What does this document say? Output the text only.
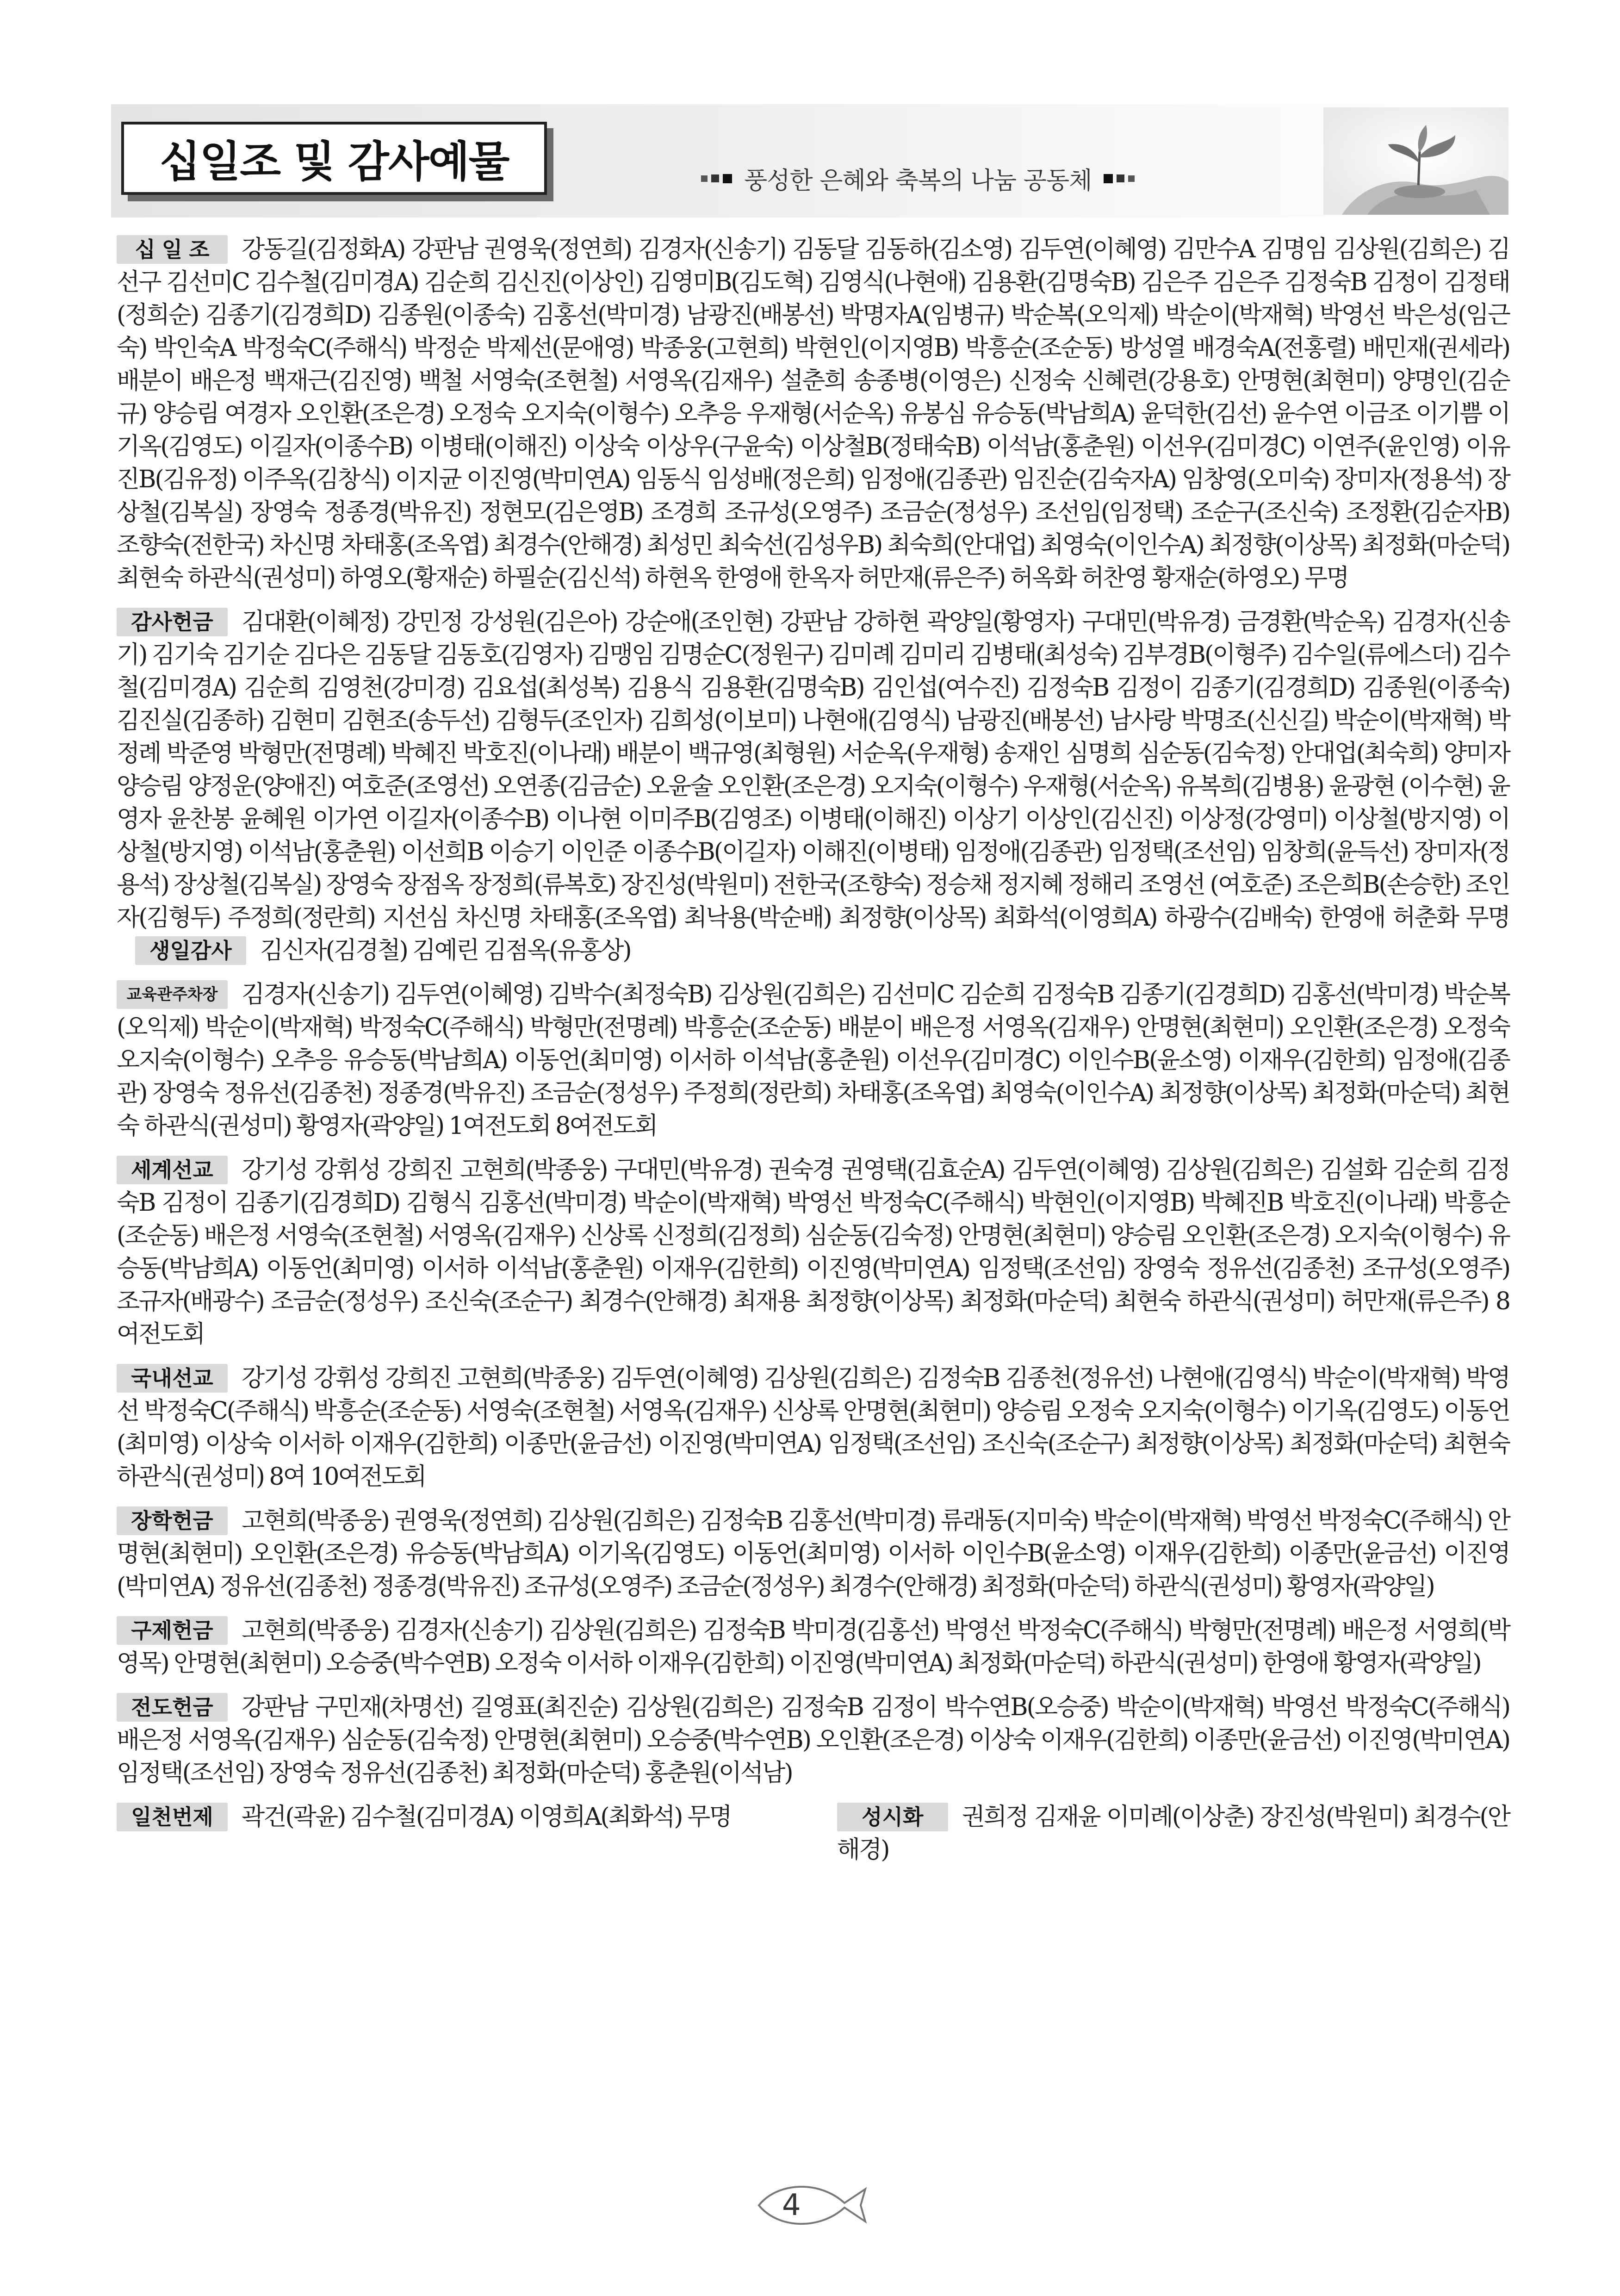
십일조 및 감사예물	풍성한 은혜와 축복의 나눔 공동체

십 일 조 강동길(김정화A) 강판남 권영욱(정연희) 김경자(신송기) 김동달 김동하(김소영) 김두연(이혜영) 김만수A 김명임 김상원(김희은) 김선구 김선미C 김수철(김미경A) 김순희 김신진(이상인) 김영미B(김도혁) 김영식(나현애) 김용환(김명숙B) 김은주 김은주 김정숙B 김정이 김정태(정희순) 김종기(김경희D) 김종원(이종숙) 김홍선(박미경) 남광진(배봉선) 박명자A(임병규) 박순복(오익제) 박순이(박재혁) 박영선 박은성(임근숙) 박인숙A 박정숙C(주해식) 박정순 박제선(문애영) 박종웅(고현희) 박현인(이지영B) 박흥순(조순동) 방성열 배경숙A(전홍렬) 배민재(권세라) 배분이 배은정 백재근(김진영) 백철 서영숙(조현철) 서영옥(김재우) 설춘희 송종병(이영은) 신정숙 신혜련(강용호) 안명현(최현미) 양명인(김순규) 양승림 여경자 오인환(조은경) 오정숙 오지숙(이형수) 오추응 우재형(서순옥) 유봉심 유승동(박남희A) 윤덕한(김선) 윤수연 이금조 이기쁨 이기옥(김영도) 이길자(이종수B) 이병태(이해진) 이상숙 이상우(구윤숙) 이상철B(정태숙B) 이석남(홍춘원) 이선우(김미경C) 이연주(윤인영) 이유진B(김유정) 이주옥(김창식) 이지균 이진영(박미연A) 임동식 임성배(정은희) 임정애(김종관) 임진순(김숙자A) 임창영(오미숙) 장미자(정용석) 장상철(김복실) 장영숙 정종경(박유진) 정현모(김은영B) 조경희 조규성(오영주) 조금순(정성우) 조선임(임정택) 조순구(조신숙) 조정환(김순자B) 조향숙(전한국) 차신명 차태홍(조옥엽) 최경수(안해경) 최성민 최숙선(김성우B) 최숙희(안대업) 최영숙(이인수A) 최정향(이상목) 최정화(마순덕) 최현숙 하관식(권성미) 하영오(황재순) 하필순(김신석) 하현옥 한영애 한옥자 허만재(류은주) 허옥화 허찬영 황재순(하영오) 무명

감사헌금 김대환(이혜정) 강민정 강성원(김은아) 강순애(조인현) 강판남 강하현 곽양일(황영자) 구대민(박유경) 금경환(박순옥) 김경자(신송기) 김기숙 김기순 김다은 김동달 김동호(김영자) 김맹임 김명순C(정원구) 김미례 김미리 김병태(최성숙) 김부경B(이형주) 김수일(류에스더) 김수철(김미경A) 김순희 김영천(강미경) 김요섭(최성복) 김용식 김용환(김명숙B) 김인섭(여수진) 김정숙B 김정이 김종기(김경희D) 김종원(이종숙) 김진실(김종하) 김현미 김현조(송두선) 김형두(조인자) 김희성(이보미) 나현애(김영식) 남광진(배봉선) 남사랑 박명조(신신길) 박순이(박재혁) 박정례 박준영 박형만(전명례) 박혜진 박호진(이나래) 배분이 백규영(최형원) 서순옥(우재형) 송재인 심명희 심순동(김숙정) 안대업(최숙희) 양미자 양승림 양정운(양애진) 여호준(조영선) 오연종(김금순) 오윤술 오인환(조은경) 오지숙(이형수) 우재형(서순옥) 유복희(김병용) 윤광현 (이수현) 윤영자 윤찬봉 윤혜원 이가연 이길자(이종수B) 이나현 이미주B(김영조) 이병태(이해진) 이상기 이상인(김신진) 이상정(강영미) 이상철(방지영) 이상철(방지영) 이석남(홍춘원) 이선희B 이승기 이인준 이종수B(이길자) 이해진(이병태) 임정애(김종관) 임정택(조선임) 임창희(윤득선) 장미자(정용석) 장상철(김복실) 장영숙 장점옥 장정희(류복호) 장진성(박원미) 전한국(조향숙) 정승채 정지혜 정해리 조영선 (여호준) 조은희B(손승한) 조인자(김형두) 주정희(정란희) 지선심 차신명 차태홍(조옥엽) 최낙용(박순배) 최정향(이상목) 최화석(이영희A) 하광수(김배숙) 한영애 허춘화 무명생일감사 김신자(김경철) 김예린 김점옥(유홍상)

교육관주차장 김경자(신송기) 김두연(이혜영) 김박수(최정숙B) 김상원(김희은) 김선미C 김순희 김정숙B 김종기(김경희D) 김홍선(박미경) 박순복(오익제) 박순이(박재혁) 박정숙C(주해식) 박형만(전명례) 박흥순(조순동) 배분이 배은정 서영옥(김재우) 안명현(최현미) 오인환(조은경) 오정숙 오지숙(이형수) 오추응 유승동(박남희A) 이동언(최미영) 이서하 이석남(홍춘원) 이선우(김미경C) 이인수B(윤소영) 이재우(김한희) 임정애(김종관) 장영숙 정유선(김종천) 정종경(박유진) 조금순(정성우) 주정희(정란희) 차태홍(조옥엽) 최영숙(이인수A) 최정향(이상목) 최정화(마순덕) 최현숙 하관식(권성미) 황영자(곽양일) 1여전도회 8여전도회

세계선교 강기성 강휘성 강희진 고현희(박종웅) 구대민(박유경) 권숙경 권영택(김효순A) 김두연(이혜영) 김상원(김희은) 김설화 김순희 김정숙B 김정이 김종기(김경희D) 김형식 김홍선(박미경) 박순이(박재혁) 박영선 박정숙C(주해식) 박현인(이지영B) 박혜진B 박호진(이나래) 박흥순(조순동) 배은정 서영숙(조현철) 서영옥(김재우) 신상록 신정희(김정희) 심순동(김숙정) 안명현(최현미) 양승림 오인환(조은경) 오지숙(이형수) 유승동(박남희A) 이동언(최미영) 이서하 이석남(홍춘원) 이재우(김한희) 이진영(박미연A) 임정택(조선임) 장영숙 정유선(김종천) 조규성(오영주) 조규자(배광수) 조금순(정성우) 조신숙(조순구) 최경수(안해경) 최재용 최정향(이상목) 최정화(마순덕) 최현숙 하관식(권성미) 허만재(류은주) 8여전도회

국내선교 강기성 강휘성 강희진 고현희(박종웅) 김두연(이혜영) 김상원(김희은) 김정숙B 김종천(정유선) 나현애(김영식) 박순이(박재혁) 박영선 박정숙C(주해식) 박흥순(조순동) 서영숙(조현철) 서영옥(김재우) 신상록 안명현(최현미) 양승림 오정숙 오지숙(이형수) 이기옥(김영도) 이동언(최미영) 이상숙 이서하 이재우(김한희) 이종만(윤금선) 이진영(박미연A) 임정택(조선임) 조신숙(조순구) 최정향(이상목) 최정화(마순덕) 최현숙 하관식(권성미) 8여 10여전도회

장학헌금 고현희(박종웅) 권영욱(정연희) 김상원(김희은) 김정숙B 김홍선(박미경) 류래동(지미숙) 박순이(박재혁) 박영선 박정숙C(주해식) 안명현(최현미) 오인환(조은경) 유승동(박남희A) 이기옥(김영도) 이동언(최미영) 이서하 이인수B(윤소영) 이재우(김한희) 이종만(윤금선) 이진영(박미연A) 정유선(김종천) 정종경(박유진) 조규성(오영주) 조금순(정성우) 최경수(안해경) 최정화(마순덕) 하관식(권성미) 황영자(곽양일)

구제헌금 고현희(박종웅) 김경자(신송기) 김상원(김희은) 김정숙B 박미경(김홍선) 박영선 박정숙C(주해식) 박형만(전명례) 배은정 서영희(박영목) 안명현(최현미) 오승중(박수연B) 오정숙 이서하 이재우(김한희) 이진영(박미연A) 최정화(마순덕) 하관식(권성미) 한영애 황영자(곽양일)

전도헌금 강판남 구민재(차명선) 길영표(최진순) 김상원(김희은) 김정숙B 김정이 박수연B(오승중) 박순이(박재혁) 박영선 박정숙C(주해식) 배은정 서영옥(김재우) 심순동(김숙정) 안명현(최현미) 오승중(박수연B) 오인환(조은경) 이상숙 이재우(김한희) 이종만(윤금선) 이진영(박미연A) 임정택(조선임) 장영숙 정유선(김종천) 최정화(마순덕) 홍춘원(이석남)

일천번제 곽건(곽윤) 김수철(김미경A) 이영희A(최화석) 무명	성시화 권희정 김재윤 이미례(이상춘) 장진성(박원미) 최경수(안해경)

4
